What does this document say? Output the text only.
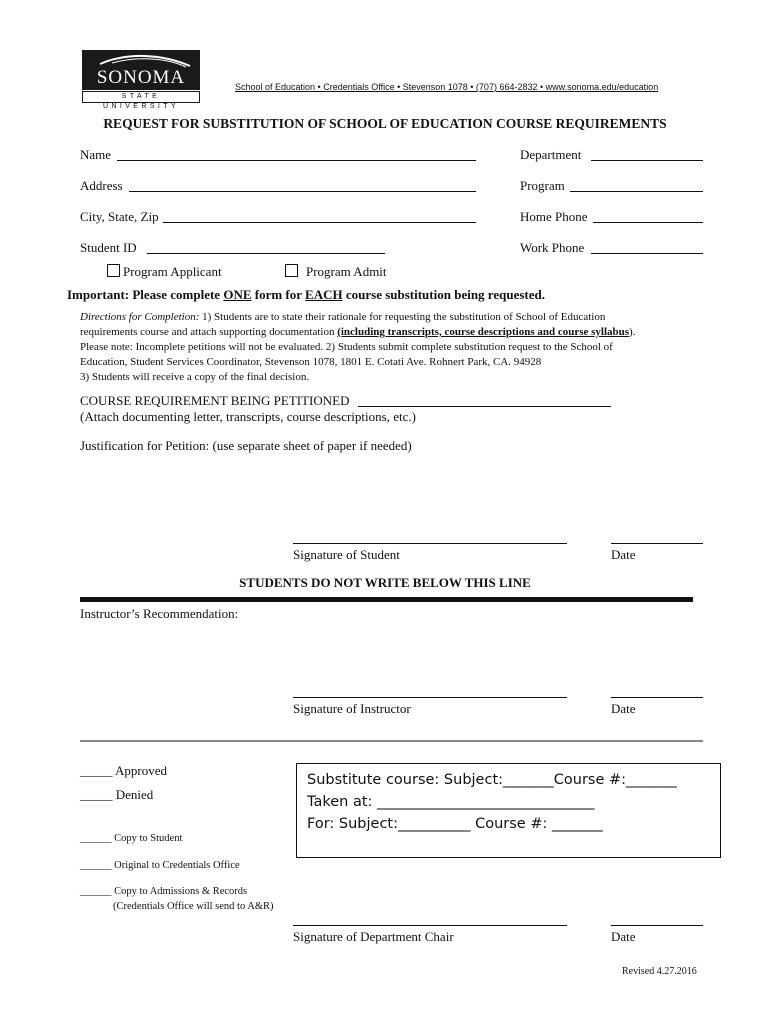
SONOMA
STATE UNIVERSITY
School of Education • Credentials Office • Stevenson 1078 • (707) 664-2832 • www.sonoma.edu/education
REQUEST FOR SUBSTITUTION OF SCHOOL OF EDUCATION COURSE REQUIREMENTS
Name	Department
Address	Program
City, State, Zip	Home Phone
Student ID	Work Phone
Program Applicant	Program Admit
Important: Please complete ONE form for EACH course substitution being requested.
Directions for Completion: 1) Students are to state their rationale for requesting the substitution of School of Education
requirements course and attach supporting documentation (including transcripts, course descriptions and course syllabus).
Please note: Incomplete petitions will not be evaluated. 2) Students submit complete substitution request to the School of
Education, Student Services Coordinator, Stevenson 1078, 1801 E. Cotati Ave. Rohnert Park, CA. 94928
3) Students will receive a copy of the final decision.
COURSE REQUIREMENT BEING PETITIONED
(Attach documenting letter, transcripts, course descriptions, etc.)
Justification for Petition: (use separate sheet of paper if needed)
Signature of Student	Date
STUDENTS DO NOT WRITE BELOW THIS LINE
Instructor’s Recommendation:
Signature of Instructor	Date
_____ Approved
_____ Denied
______ Copy to Student
______ Original to Credentials Office
______ Copy to Admissions & Records
(Credentials Office will send to A&R)
Substitute course: Subject:_______Course #:_______
Taken at: ______________________________
For: Subject:__________ Course #: _______
Signature of Department Chair	Date
Revised 4.27.2016
